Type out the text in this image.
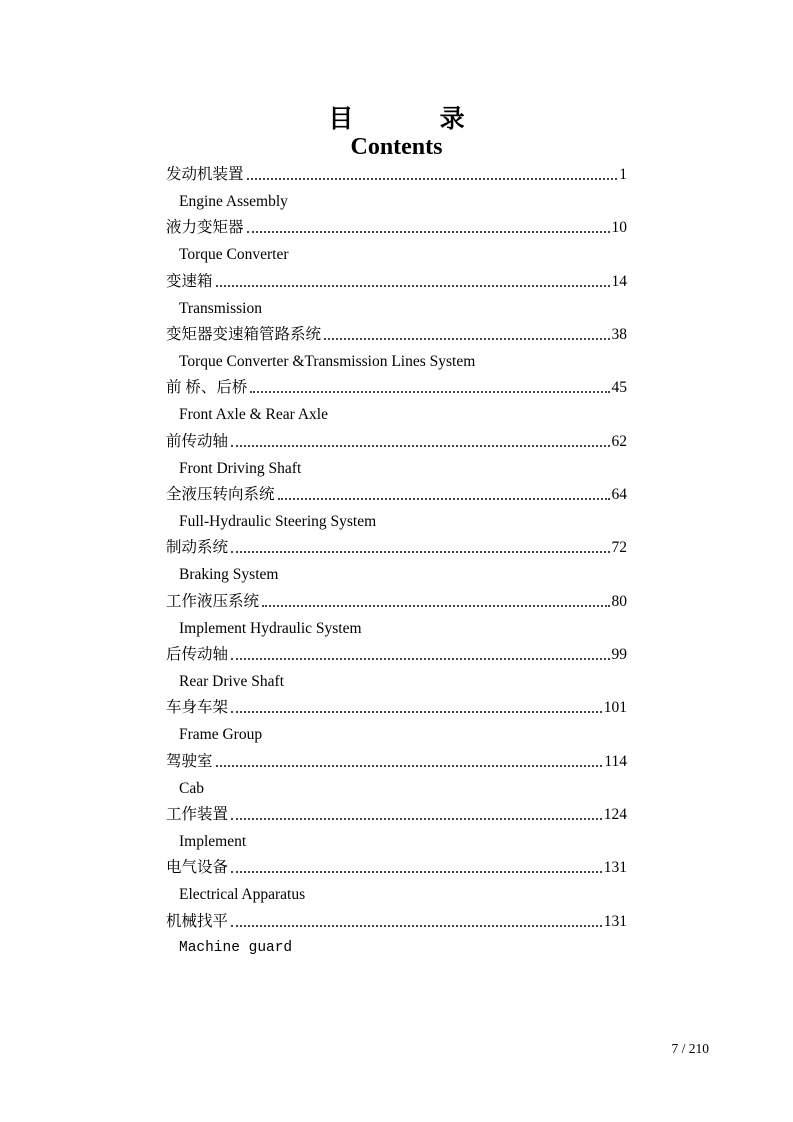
目 录
Contents
发动机装置	1
Engine Assembly
液力变矩器	10
Torque Converter
变速箱	14
Transmission
变矩器变速箱管路系统	38
Torque Converter &Transmission Lines System
前 桥、后桥	45
Front Axle & Rear Axle
前传动轴	62
Front Driving Shaft
全液压转向系统	64
Full-Hydraulic Steering System
制动系统	72
Braking System
工作液压系统	80
Implement Hydraulic System
后传动轴	99
Rear Drive Shaft
车身车架	101
Frame Group
驾驶室	114
Cab
工作装置	124
Implement
电气设备	131
Electrical Apparatus
机械找平	131
Machine guard
7 / 210
